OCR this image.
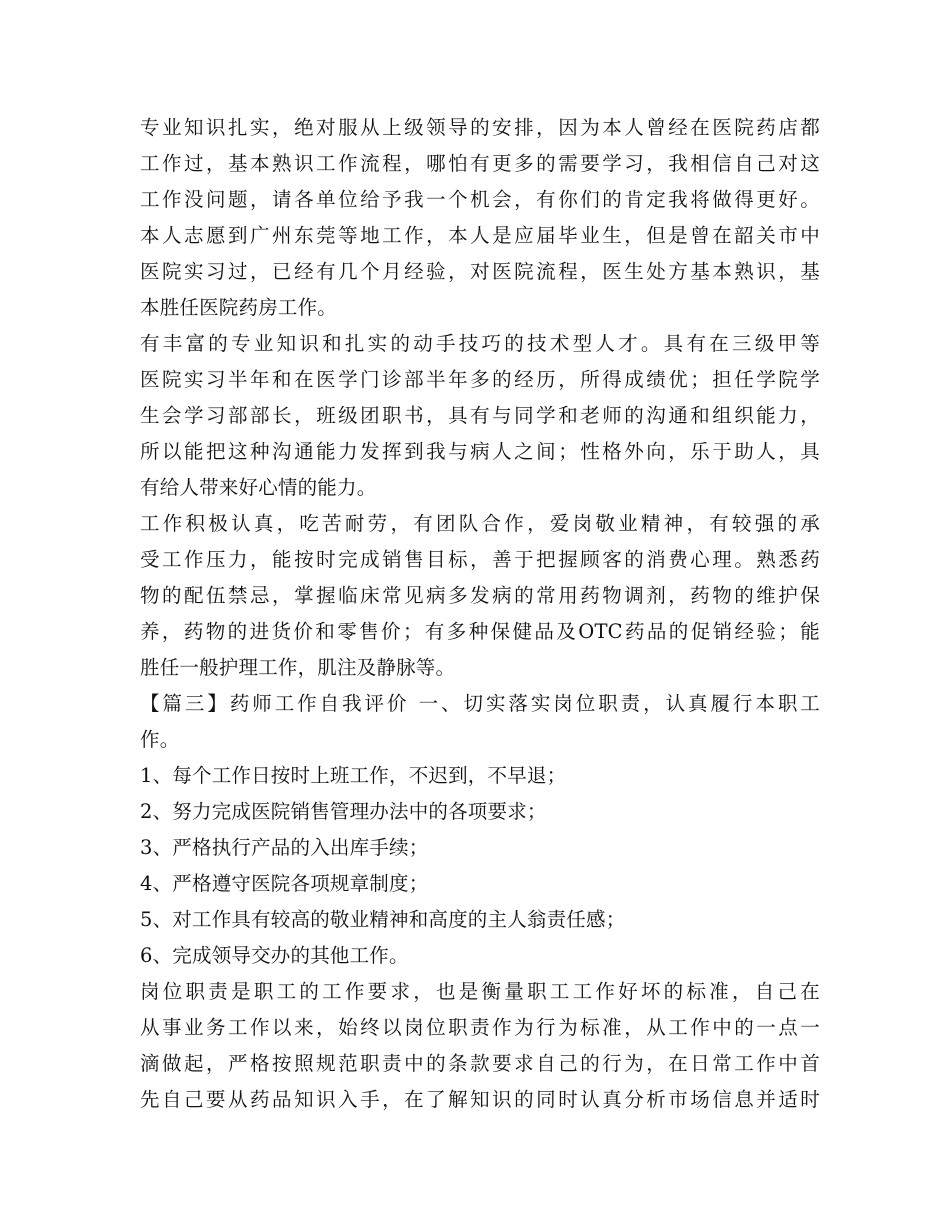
专业知识扎实，绝对服从上级领导的安排，因为本人曾经在医院药店都
工作过，基本熟识工作流程，哪怕有更多的需要学习，我相信自己对这
工作没问题，请各单位给予我一个机会，有你们的肯定我将做得更好。
本人志愿到广州东莞等地工作，本人是应届毕业生，但是曾在韶关市中
医院实习过，已经有几个月经验，对医院流程，医生处方基本熟识，基
本胜任医院药房工作。
有丰富的专业知识和扎实的动手技巧的技术型人才。具有在三级甲等
医院实习半年和在医学门诊部半年多的经历，所得成绩优；担任学院学
生会学习部部长，班级团职书，具有与同学和老师的沟通和组织能力，
所以能把这种沟通能力发挥到我与病人之间；性格外向，乐于助人，具
有给人带来好心情的能力。
工作积极认真，吃苦耐劳，有团队合作，爱岗敬业精神，有较强的承
受工作压力，能按时完成销售目标，善于把握顾客的消费心理。熟悉药
物的配伍禁忌，掌握临床常见病多发病的常用药物调剂，药物的维护保
养，药物的进货价和零售价；有多种保健品及OTC药品的促销经验；能
胜任一般护理工作，肌注及静脉等。
【篇三】药师工作自我评价 一、切实落实岗位职责，认真履行本职工
作。
1、每个工作日按时上班工作，不迟到，不早退；
2、努力完成医院销售管理办法中的各项要求；
3、严格执行产品的入出库手续；
4、严格遵守医院各项规章制度；
5、对工作具有较高的敬业精神和高度的主人翁责任感；
6、完成领导交办的其他工作。
岗位职责是职工的工作要求，也是衡量职工工作好坏的标准，自己在
从事业务工作以来，始终以岗位职责作为行为标准，从工作中的一点一
滴做起，严格按照规范职责中的条款要求自己的行为，在日常工作中首
先自己要从药品知识入手，在了解知识的同时认真分析市场信息并适时
